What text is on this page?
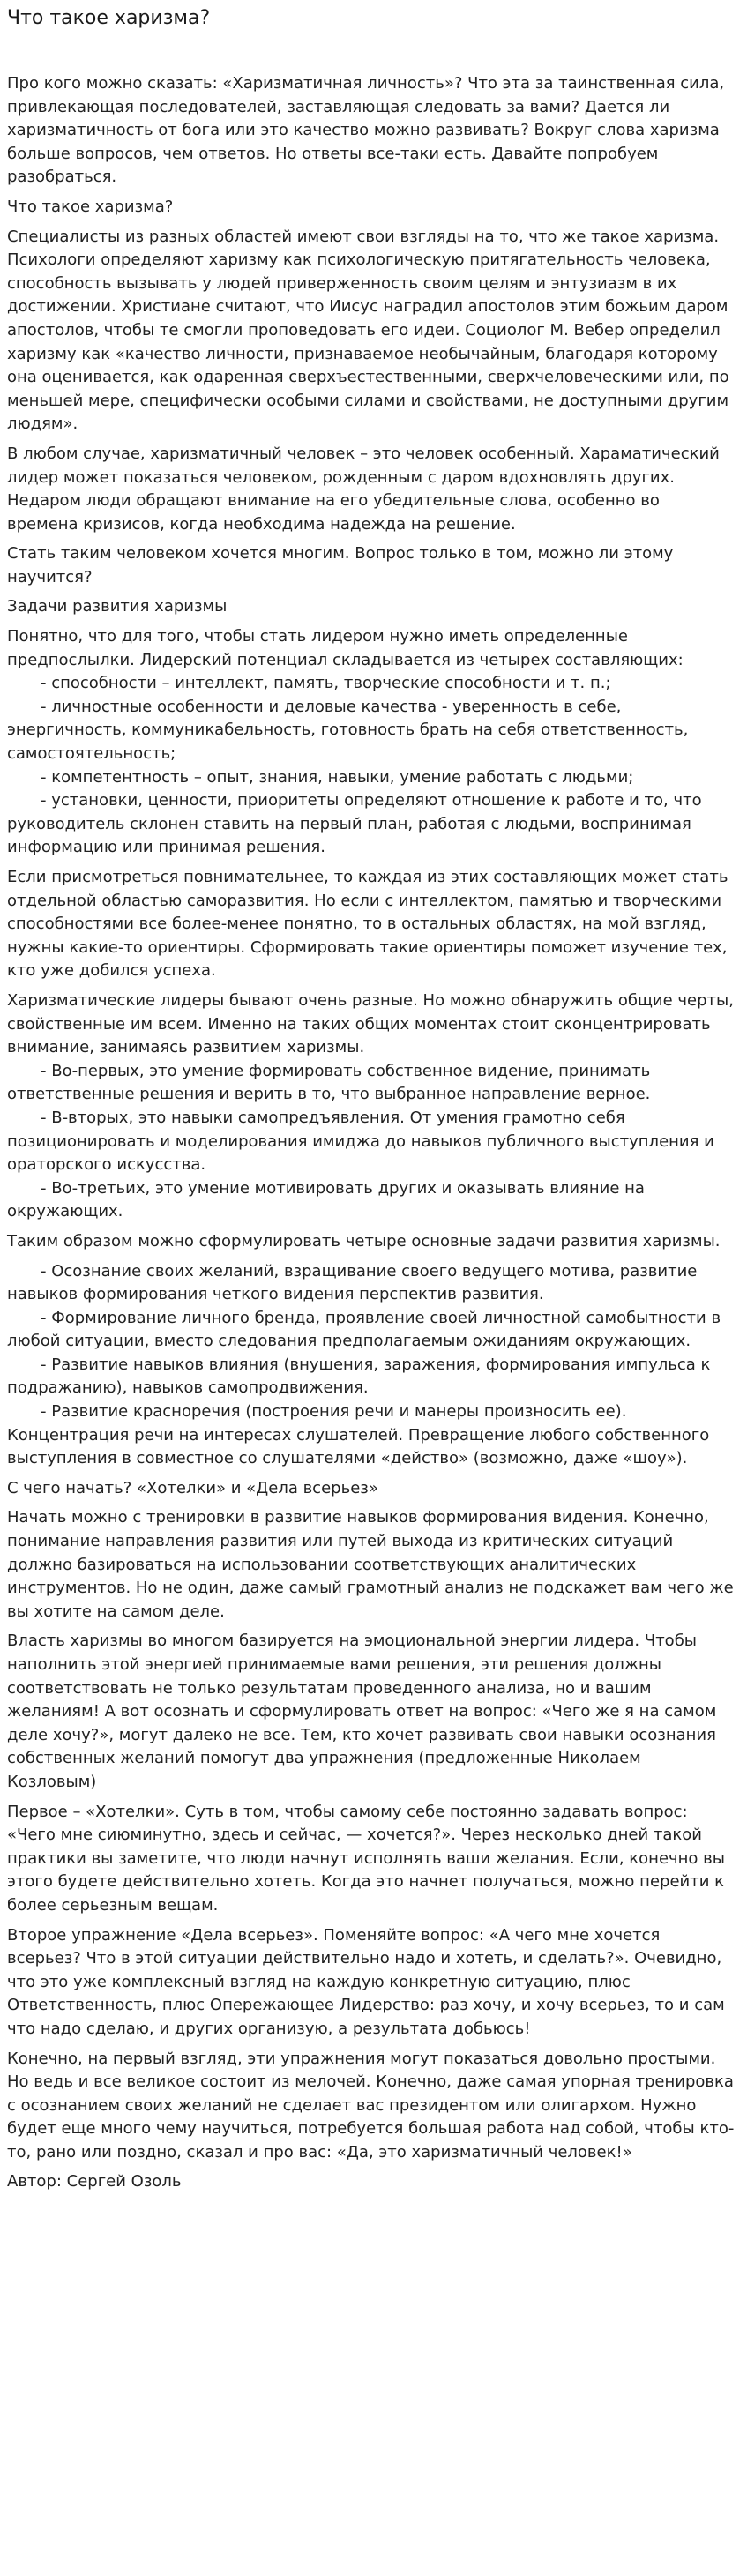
Что такое харизма?
Про кого можно сказать: «Харизматичная личность»? Что эта за таинственная сила, привлекающая последователей, заставляющая следовать за вами? Дается ли харизматичность от бога или это качество можно развивать? Вокруг слова харизма больше вопросов, чем ответов. Но ответы все-таки есть. Давайте попробуем разобраться.
Что такое харизма?
Специалисты из разных областей имеют свои взгляды на то, что же такое харизма. Психологи определяют харизму как психологическую притягательность человека, способность вызывать у людей приверженность своим целям и энтузиазм в их достижении. Христиане считают, что Иисус наградил апостолов этим божьим даром апостолов, чтобы те смогли проповедовать его идеи. Социолог М. Вебер определил харизму как «качество личности, признаваемое необычайным, благодаря которому она оценивается, как одаренная сверхъестественными, сверхчеловеческими или, по меньшей мере, специфически особыми силами и свойствами, не доступными другим людям».
В любом случае, харизматичный человек – это человек особенный. Хараматический лидер может показаться человеком, рожденным с даром вдохновлять других. Недаром люди обращают внимание на его убедительные слова, особенно во времена кризисов, когда необходима надежда на решение.
Стать таким человеком хочется многим. Вопрос только в том, можно ли этому научится?
Задачи развития харизмы
Понятно, что для того, чтобы стать лидером нужно иметь определенные предпослылки. Лидерский потенциал складывается из четырех составляющих:
- способности – интеллект, память, творческие способности и т. п.;
- личностные особенности и деловые качества - уверенность в себе, энергичность, коммуникабельность, готовность брать на себя ответственность, самостоятельность;
- компетентность – опыт, знания, навыки, умение работать с людьми;
- установки, ценности, приоритеты определяют отношение к работе и то, что руководитель склонен ставить на первый план, работая с людьми, воспринимая информацию или принимая решения.
Если присмотреться повнимательнее, то каждая из этих составляющих может стать отдельной областью саморазвития. Но если с интеллектом, памятью и творческими способностями все более-менее понятно, то в остальных областях, на мой взгляд, нужны какие-то ориентиры. Сформировать такие ориентиры поможет изучение тех, кто уже добился успеха.
Харизматические лидеры бывают очень разные. Но можно обнаружить общие черты, свойственные им всем. Именно на таких общих моментах стоит сконцентрировать внимание, занимаясь развитием харизмы.
- Во-первых, это умение формировать собственное видение, принимать ответственные решения и верить в то, что выбранное направление верное.
- В-вторых, это навыки самопредъявления. От умения грамотно себя позиционировать и моделирования имиджа до навыков публичного выступления и ораторского искусства.
- Во-третьих, это умение мотивировать других и оказывать влияние на окружающих.
Таким образом можно сформулировать четыре основные задачи развития харизмы.
- Осознание своих желаний, взращивание своего ведущего мотива, развитие навыков формирования четкого видения перспектив развития.
- Формирование личного бренда, проявление своей личностной самобытности в любой ситуации, вместо следования предполагаемым ожиданиям окружающих.
- Развитие навыков влияния (внушения, заражения, формирования импульса к подражанию), навыков самопродвижения.
- Развитие красноречия (построения речи и манеры произносить ее). Концентрация речи на интересах слушателей. Превращение любого собственного выступления в совместное со слушателями «действо» (возможно, даже «шоу»).
С чего начать? «Хотелки» и «Дела всерьез»
Начать можно с тренировки в развитие навыков формирования видения. Конечно, понимание направления развития или путей выхода из критических ситуаций должно базироваться на использовании соответствующих аналитических инструментов. Но не один, даже самый грамотный анализ не подскажет вам чего же вы хотите на самом деле.
Власть харизмы во многом базируется на эмоциональной энергии лидера. Чтобы наполнить этой энергией принимаемые вами решения, эти решения должны соответствовать не только результатам проведенного анализа, но и вашим желаниям! А вот осознать и сформулировать ответ на вопрос: «Чего же я на самом деле хочу?», могут далеко не все. Тем, кто хочет развивать свои навыки осознания собственных желаний помогут два упражнения (предложенные Николаем Козловым)
Первое – «Хотелки». Суть в том, чтобы самому себе постоянно задавать вопрос: «Чего мне сиюминутно, здесь и сейчас, — хочется?». Через несколько дней такой практики вы заметите, что люди начнут исполнять ваши желания. Если, конечно вы этого будете действительно хотеть. Когда это начнет получаться, можно перейти к более серьезным вещам.
Второе упражнение «Дела всерьез». Поменяйте вопрос: «А чего мне хочется всерьез? Что в этой ситуации действительно надо и хотеть, и сделать?». Очевидно, что это уже комплексный взгляд на каждую конкретную ситуацию, плюс Ответственность, плюс Опережающее Лидерство: раз хочу, и хочу всерьез, то и сам что надо сделаю, и других организую, а результата добьюсь!
Конечно, на первый взгляд, эти упражнения могут показаться довольно простыми. Но ведь и все великое состоит из мелочей. Конечно, даже самая упорная тренировка с осознанием своих желаний не сделает вас президентом или олигархом. Нужно будет еще много чему научиться, потребуется большая работа над собой, чтобы кто-то, рано или поздно, сказал и про вас: «Да, это харизматичный человек!»
Автор: Сергей Озоль
